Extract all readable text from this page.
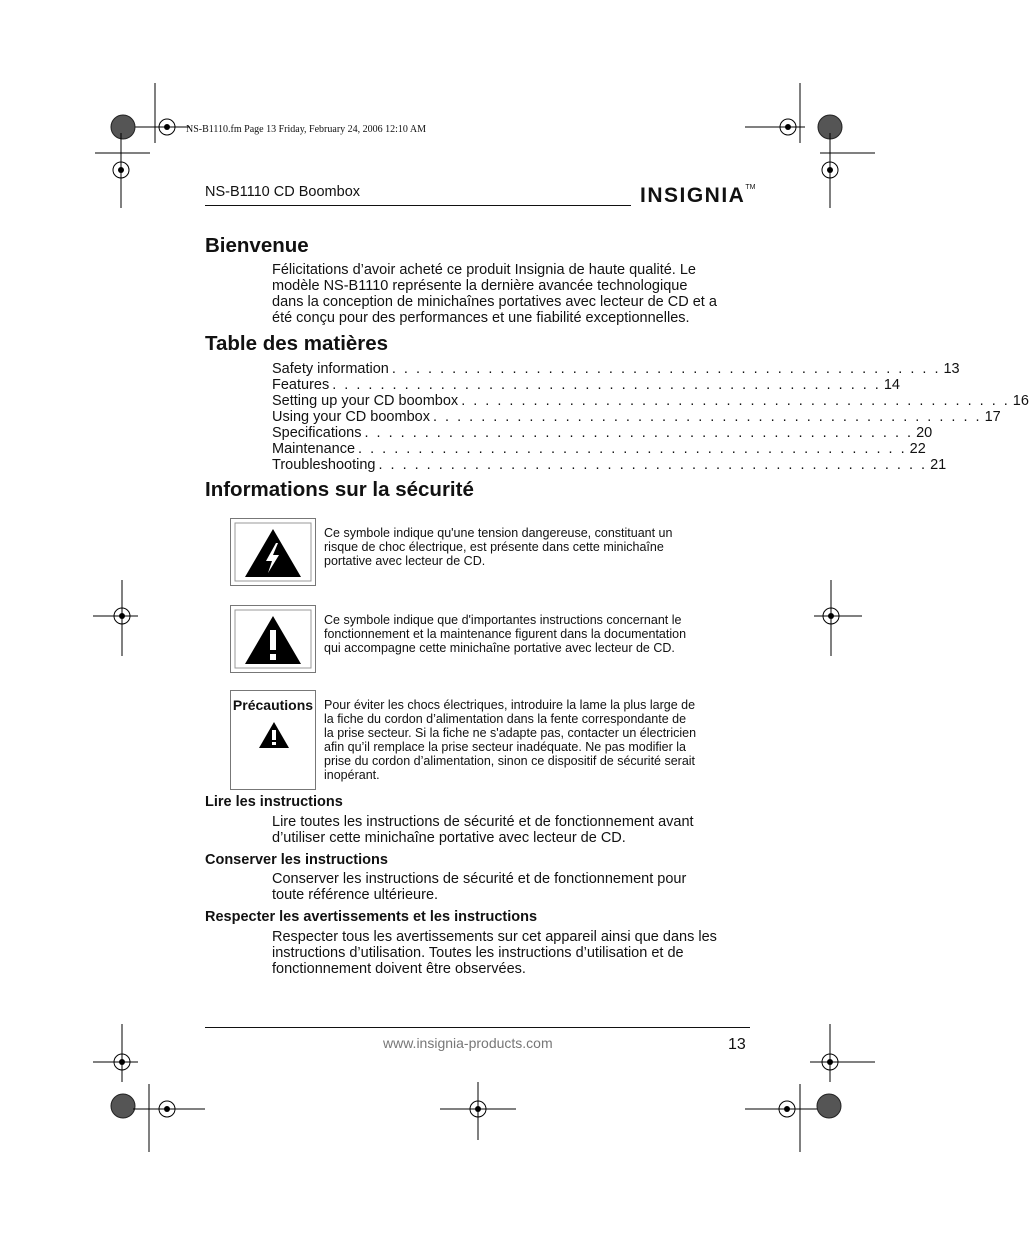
NS-B1110.fm Page 13 Friday, February 24, 2006 12:10 AM
NS-B1110 CD Boombox	INSIGNIA™
Bienvenue
Félicitations d’avoir acheté ce produit Insignia de haute qualité. Le
modèle NS-B1110 représente la dernière avancée technologique
dans la conception de minichaînes portatives avec lecteur de CD et a
été conçu pour des performances et une fiabilité exceptionnelles.
Table des matières
Safety information . . . . . . . . . . . . . . . . . . . . . . . . . . . . . . . . . . . . . . . . . . . . . . 13
Features . . . . . . . . . . . . . . . . . . . . . . . . . . . . . . . . . . . . . . . . . . . . . . 14
Setting up your CD boombox . . . . . . . . . . . . . . . . . . . . . . . . . . . . . . . . . . . . . . . . . . . . . . 16
Using your CD boombox . . . . . . . . . . . . . . . . . . . . . . . . . . . . . . . . . . . . . . . . . . . . . . 17
Specifications . . . . . . . . . . . . . . . . . . . . . . . . . . . . . . . . . . . . . . . . . . . . . . 20
Maintenance . . . . . . . . . . . . . . . . . . . . . . . . . . . . . . . . . . . . . . . . . . . . . . 22
Troubleshooting . . . . . . . . . . . . . . . . . . . . . . . . . . . . . . . . . . . . . . . . . . . . . . 21
Informations sur la sécurité
Ce symbole indique qu'une tension dangereuse, constituant un
risque de choc électrique, est présente dans cette minichaîne
portative avec lecteur de CD.
Ce symbole indique que d'importantes instructions concernant le
fonctionnement et la maintenance figurent dans la documentation
qui accompagne cette minichaîne portative avec lecteur de CD.
Précautions Pour éviter les chocs électriques, introduire la lame la plus large de
la fiche du cordon d’alimentation dans la fente correspondante de
la prise secteur. Si la fiche ne s'adapte pas, contacter un électricien
afin qu’il remplace la prise secteur inadéquate. Ne pas modifier la
prise du cordon d’alimentation, sinon ce dispositif de sécurité serait
inopérant.
Lire les instructions
Lire toutes les instructions de sécurité et de fonctionnement avant
d’utiliser cette minichaîne portative avec lecteur de CD.
Conserver les instructions
Conserver les instructions de sécurité et de fonctionnement pour
toute référence ultérieure.
Respecter les avertissements et les instructions
Respecter tous les avertissements sur cet appareil ainsi que dans les
instructions d’utilisation. Toutes les instructions d’utilisation et de
fonctionnement doivent être observées.
www.insignia-products.com	13
